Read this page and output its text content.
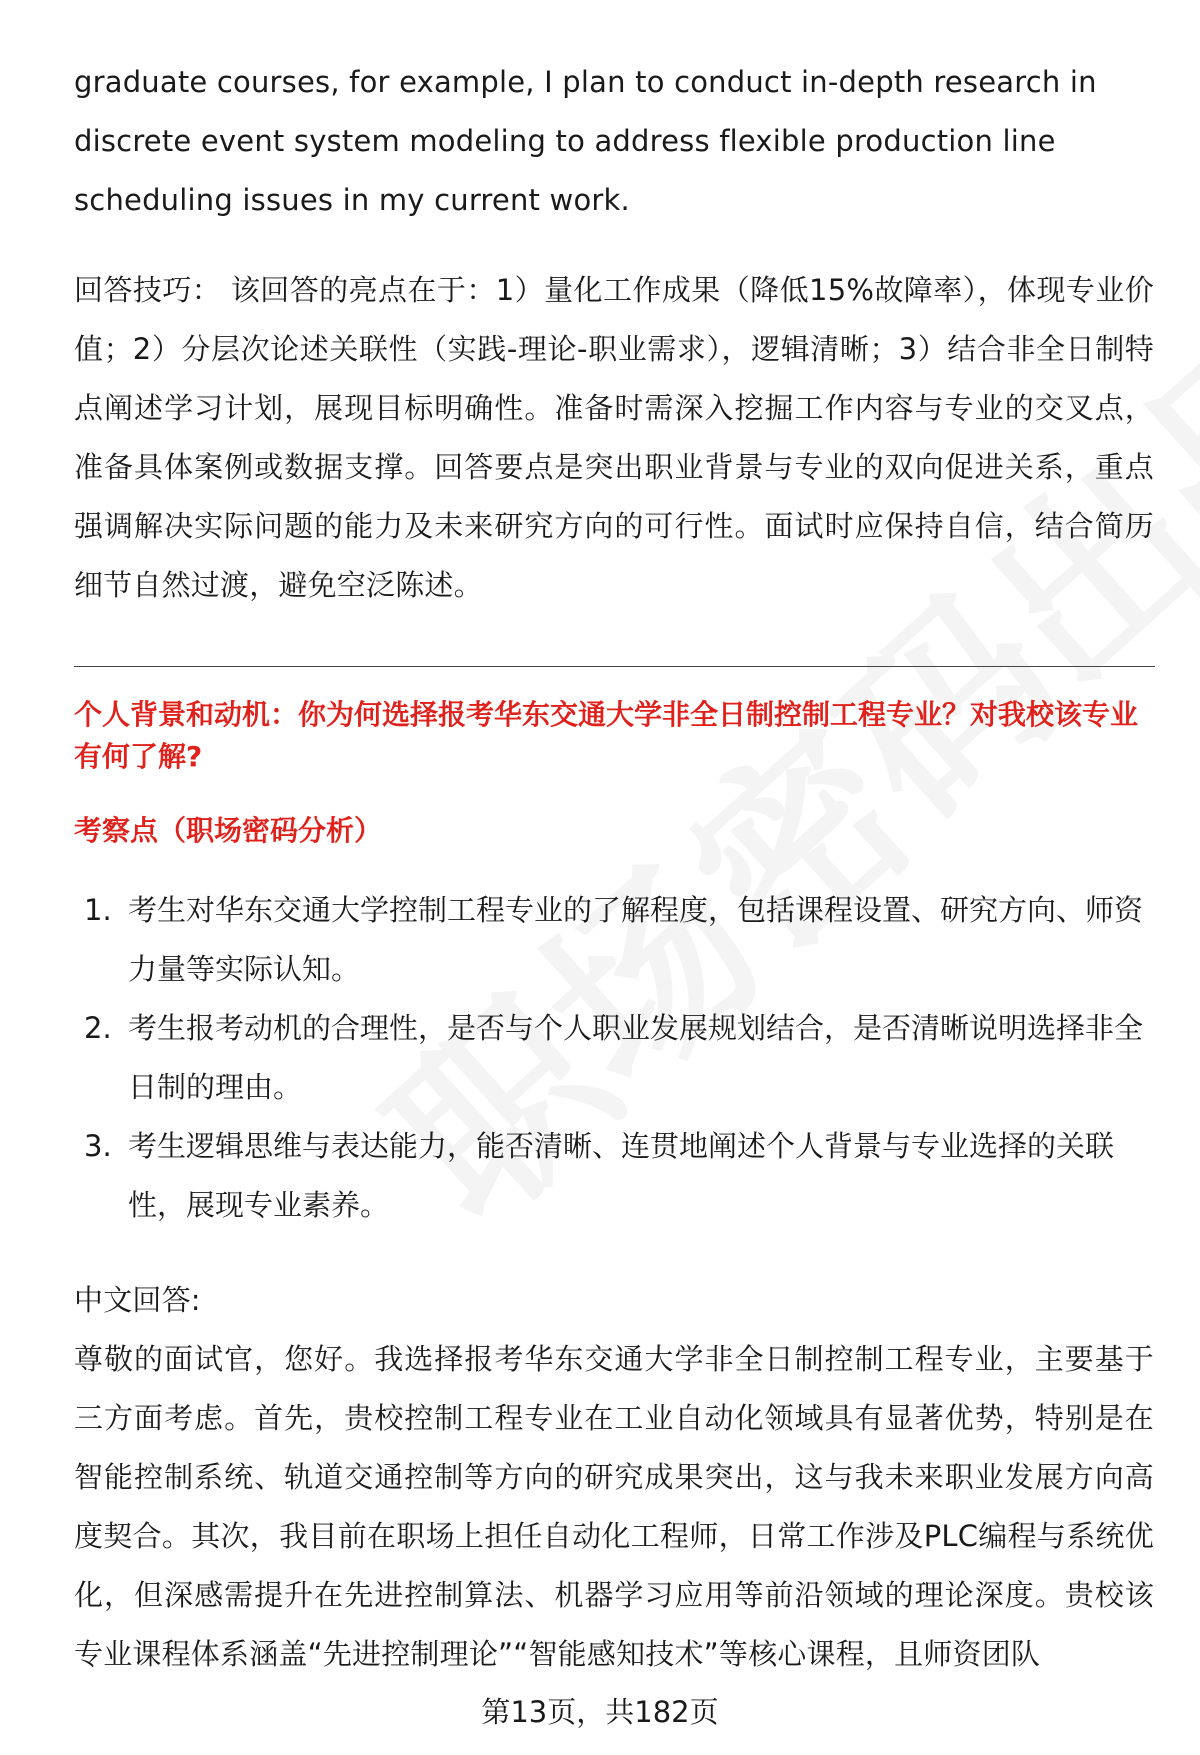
graduate courses, for example, I plan to conduct in-depth research in discrete event system modeling to address flexible production line scheduling issues in my current work.

回答技巧： 该回答的亮点在于：1）量化工作成果（降低15%故障率），体现专业价值；2）分层次论述关联性（实践-理论-职业需求），逻辑清晰；3）结合非全日制特点阐述学习计划，展现目标明确性。准备时需深入挖掘工作内容与专业的交叉点，准备具体案例或数据支撑。回答要点是突出职业背景与专业的双向促进关系，重点强调解决实际问题的能力及未来研究方向的可行性。面试时应保持自信，结合简历细节自然过渡，避免空泛陈述。

个人背景和动机：你为何选择报考华东交通大学非全日制控制工程专业？对我校该专业有何了解?

考察点（职场密码分析）

1. 考生对华东交通大学控制工程专业的了解程度，包括课程设置、研究方向、师资力量等实际认知。
2. 考生报考动机的合理性，是否与个人职业发展规划结合，是否清晰说明选择非全日制的理由。
3. 考生逻辑思维与表达能力，能否清晰、连贯地阐述个人背景与专业选择的关联性，展现专业素养。

中文回答:

尊敬的面试官，您好。我选择报考华东交通大学非全日制控制工程专业，主要基于三方面考虑。首先，贵校控制工程专业在工业自动化领域具有显著优势，特别是在智能控制系统、轨道交通控制等方向的研究成果突出，这与我未来职业发展方向高度契合。其次，我目前在职场上担任自动化工程师，日常工作涉及PLC编程与系统优化，但深感需提升在先进控制算法、机器学习应用等前沿领域的理论深度。贵校该专业课程体系涵盖“先进控制理论”“智能感知技术”等核心课程，且师资团队

第13页，共182页
